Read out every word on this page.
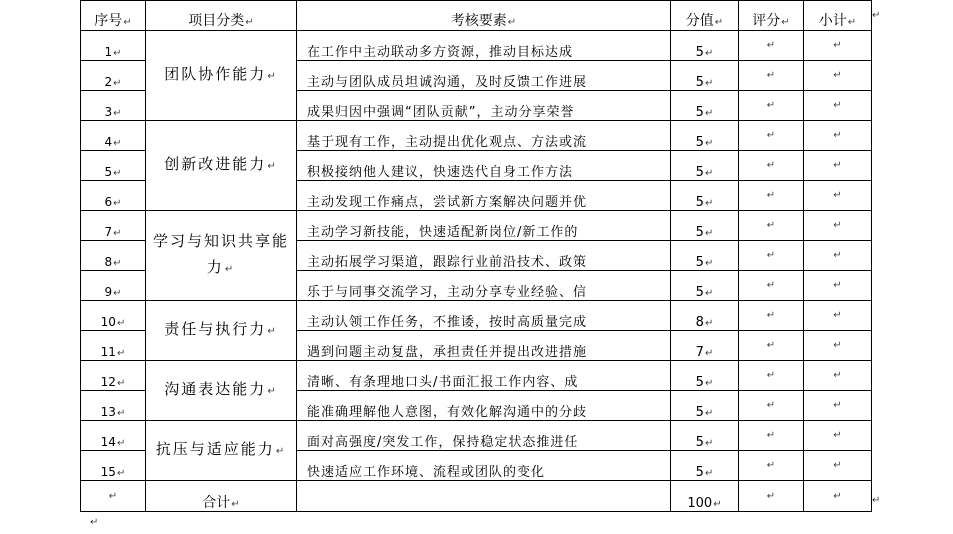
序号↵	项目分类↵	考核要素↵	分值↵	评分↵	小计↵
1↵	团队协作能力↵	在工作中主动联动多方资源，推动目标达成	5↵	↵	↵
2↵		主动与团队成员坦诚沟通，及时反馈工作进展	5↵	↵	↵
3↵		成果归因中强调“团队贡献”，主动分享荣誉	5↵	↵	↵
4↵	创新改进能力↵	基于现有工作，主动提出优化观点、方法或流	5↵	↵	↵
5↵		积极接纳他人建议，快速迭代自身工作方法	5↵	↵	↵
6↵		主动发现工作痛点，尝试新方案解决问题并优	5↵	↵	↵
7↵	学习与知识共享能力↵	主动学习新技能，快速适配新岗位/新工作的	5↵	↵	↵
8↵		主动拓展学习渠道，跟踪行业前沿技术、政策	5↵	↵	↵
9↵		乐于与同事交流学习，主动分享专业经验、信	5↵	↵	↵
10↵	责任与执行力↵	主动认领工作任务，不推诿，按时高质量完成	8↵	↵	↵
11↵		遇到问题主动复盘，承担责任并提出改进措施	7↵	↵	↵
12↵	沟通表达能力↵	清晰、有条理地口头/书面汇报工作内容、成	5↵	↵	↵
13↵		能准确理解他人意图，有效化解沟通中的分歧	5↵	↵	↵
14↵	抗压与适应能力↵	面对高强度/突发工作，保持稳定状态推进任	5↵	↵	↵
15↵		快速适应工作环境、流程或团队的变化	5↵	↵	↵
↵	合计↵		100↵	↵	↵
↵
↵
↵
